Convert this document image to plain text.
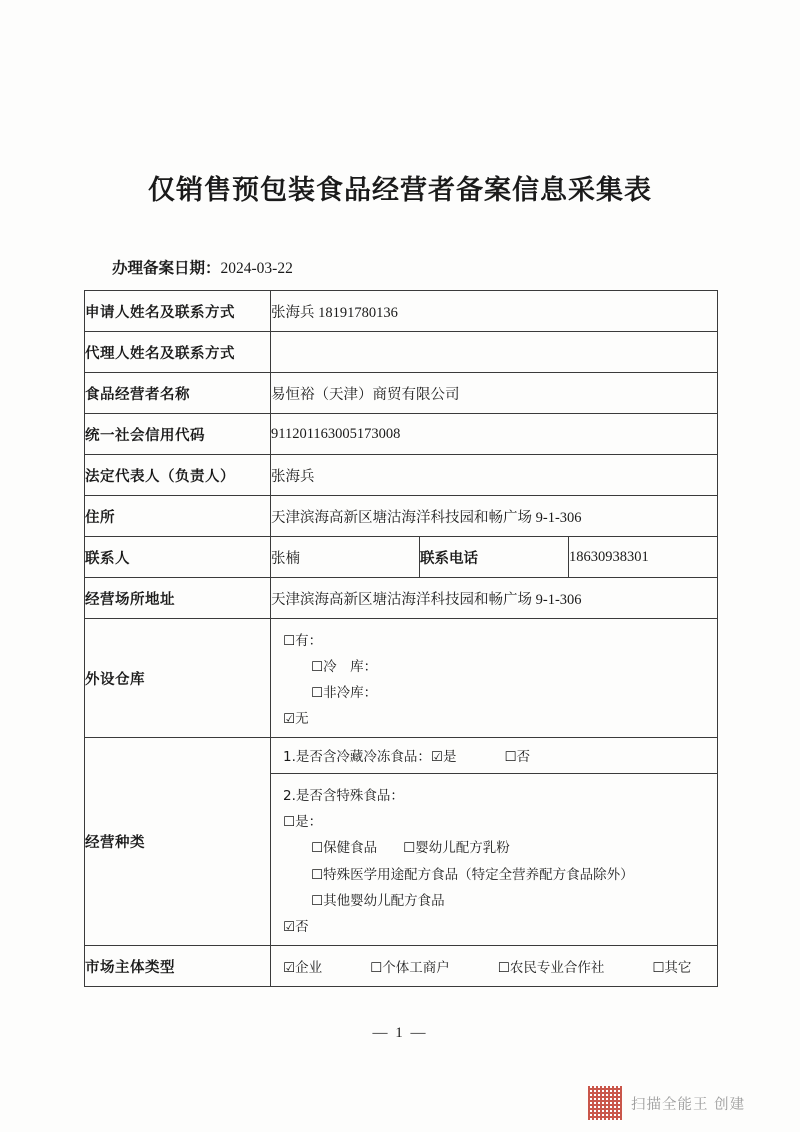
仅销售预包装食品经营者备案信息采集表
办理备案日期：2024-03-22
申请人姓名及联系方式	张海兵 18191780136		
代理人姓名及联系方式			
食品经营者名称	易恒裕（天津）商贸有限公司		
统一社会信用代码	911201163005173008		
法定代表人（负责人）	张海兵		
住所	天津滨海高新区塘沽海洋科技园和畅广场 9-1-306		
联系人	张楠	联系电话	18630938301
经营场所地址	天津滨海高新区塘沽海洋科技园和畅广场 9-1-306		
外设仓库	☐有：
☐冷　库：
☐非冷库：
☑无		

经营种类	1.是否含冷藏冷冻食品：☑是 ☐否		

2.是否含特殊食品：
☐是：
☐保健食品 ☐婴幼儿配方乳粉
☐特殊医学用途配方食品（特定全营养配方食品除外）
☐其他婴幼儿配方食品
☑否

市场主体类型	☑企业 ☐个体工商户 ☐农民专业合作社 ☐其它		
— 1 —
扫描全能王 创建
